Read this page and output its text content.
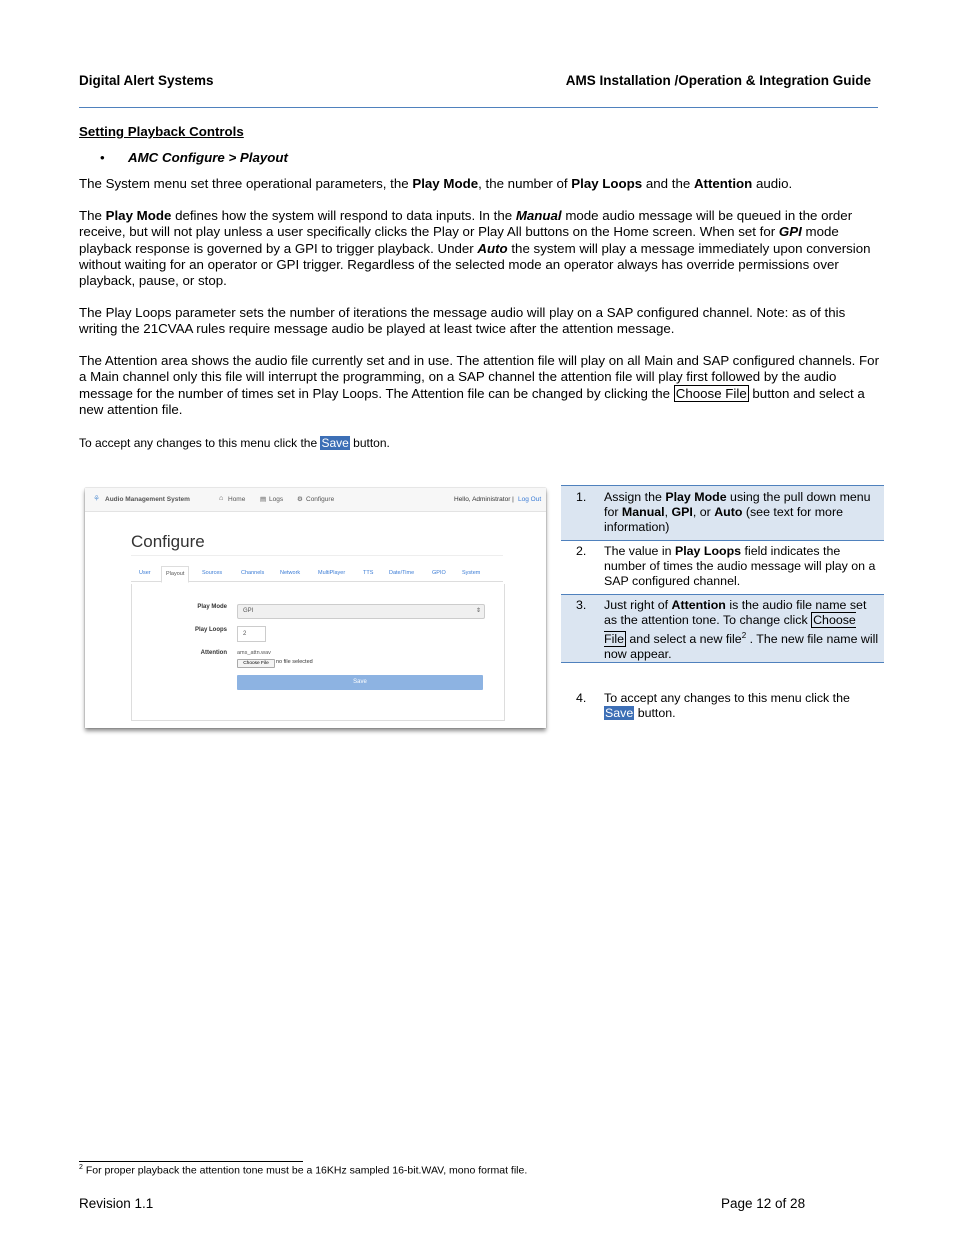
Digital Alert Systems	AMS Installation /Operation & Integration Guide
Setting Playback Controls
• AMC Configure > Playout

The System menu set three operational parameters, the Play Mode, the number of Play Loops and the Attention audio.

The Play Mode defines how the system will respond to data inputs. In the Manual mode audio message will be queued in the order receive, but will not play unless a user specifically clicks the Play or Play All buttons on the Home screen. When set for GPI mode playback response is governed by a GPI to trigger playback. Under Auto the system will play a message immediately upon conversion without waiting for an operator or GPI trigger. Regardless of the selected mode an operator always has override permissions over playback, pause, or stop.

The Play Loops parameter sets the number of iterations the message audio will play on a SAP configured channel. Note: as of this writing the 21CVAA rules require message audio be played at least twice after the attention message.

The Attention area shows the audio file currently set and in use. The attention file will play on all Main and SAP configured channels. For a Main channel only this file will interrupt the programming, on a SAP channel the attention file will play first followed by the audio message for the number of times set in Play Loops. The Attention file can be changed by clicking the Choose File button and select a new attention file.

To accept any changes to this menu click the Save button.
⚘ Audio Management System	⌂ Home ▤ Logs ⚙ Configure	Hello, Administrator | Log Out
Configure
User	Playout	Sources	Channels	Network	MultiPlayer	TTS	Date/Time	GPIO	System
Play Mode
GPI	⇕
Play Loops
2
Attention ams_attn.wav
Choose File	no file selected
Save
1. Assign the Play Mode using the pull down menu for Manual, GPI, or Auto (see text for more information)

2. The value in Play Loops field indicates the number of times the audio message will play on a SAP configured channel.

3. Just right of Attention is the audio file name set as the attention tone. To change click Choose File and select a new file$^2$ . The new file name will now appear.

4. To accept any changes to this menu click the Save button.

$^2$ For proper playback the attention tone must be a 16KHz sampled 16-bit.WAV, mono format file.
Revision 1.1	Page 12 of 28
